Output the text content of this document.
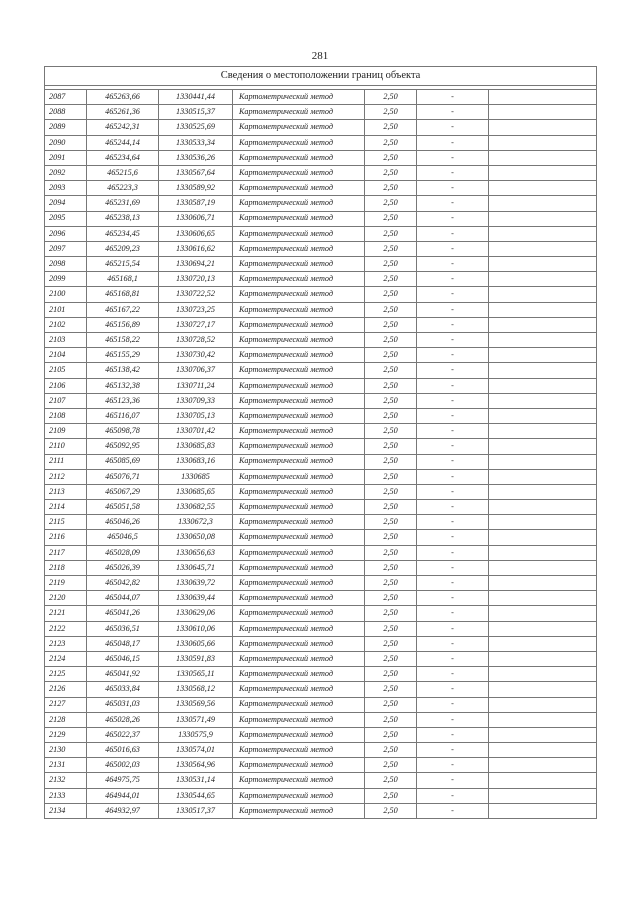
281
Сведения о местоположении границ объекта						

2087	465263,66	1330441,44	Картометрический метод	2,50	-	
2088	465261,36	1330515,37	Картометрический метод	2,50	-	
2089	465242,31	1330525,69	Картометрический метод	2,50	-	
2090	465244,14	1330533,34	Картометрический метод	2,50	-	
2091	465234,64	1330536,26	Картометрический метод	2,50	-	
2092	465215,6	1330567,64	Картометрический метод	2,50	-	
2093	465223,3	1330589,92	Картометрический метод	2,50	-	
2094	465231,69	1330587,19	Картометрический метод	2,50	-	
2095	465238,13	1330606,71	Картометрический метод	2,50	-	
2096	465234,45	1330606,65	Картометрический метод	2,50	-	
2097	465209,23	1330616,62	Картометрический метод	2,50	-	
2098	465215,54	1330694,21	Картометрический метод	2,50	-	
2099	465168,1	1330720,13	Картометрический метод	2,50	-	
2100	465168,81	1330722,52	Картометрический метод	2,50	-	
2101	465167,22	1330723,25	Картометрический метод	2,50	-	
2102	465156,89	1330727,17	Картометрический метод	2,50	-	
2103	465158,22	1330728,52	Картометрический метод	2,50	-	
2104	465155,29	1330730,42	Картометрический метод	2,50	-	
2105	465138,42	1330706,37	Картометрический метод	2,50	-	
2106	465132,38	1330711,24	Картометрический метод	2,50	-	
2107	465123,36	1330709,33	Картометрический метод	2,50	-	
2108	465116,07	1330705,13	Картометрический метод	2,50	-	
2109	465098,78	1330701,42	Картометрический метод	2,50	-	
2110	465092,95	1330685,83	Картометрический метод	2,50	-	
2111	465085,69	1330683,16	Картометрический метод	2,50	-	
2112	465076,71	1330685	Картометрический метод	2,50	-	
2113	465067,29	1330685,65	Картометрический метод	2,50	-	
2114	465051,58	1330682,55	Картометрический метод	2,50	-	
2115	465046,26	1330672,3	Картометрический метод	2,50	-	
2116	465046,5	1330650,08	Картометрический метод	2,50	-	
2117	465028,09	1330656,63	Картометрический метод	2,50	-	
2118	465026,39	1330645,71	Картометрический метод	2,50	-	
2119	465042,82	1330639,72	Картометрический метод	2,50	-	
2120	465044,07	1330639,44	Картометрический метод	2,50	-	
2121	465041,26	1330629,06	Картометрический метод	2,50	-	
2122	465036,51	1330610,06	Картометрический метод	2,50	-	
2123	465048,17	1330605,66	Картометрический метод	2,50	-	
2124	465046,15	1330591,83	Картометрический метод	2,50	-	
2125	465041,92	1330565,11	Картометрический метод	2,50	-	
2126	465033,84	1330568,12	Картометрический метод	2,50	-	
2127	465031,03	1330569,56	Картометрический метод	2,50	-	
2128	465028,26	1330571,49	Картометрический метод	2,50	-	
2129	465022,37	1330575,9	Картометрический метод	2,50	-	
2130	465016,63	1330574,01	Картометрический метод	2,50	-	
2131	465002,03	1330564,96	Картометрический метод	2,50	-	
2132	464975,75	1330531,14	Картометрический метод	2,50	-	
2133	464944,01	1330544,65	Картометрический метод	2,50	-	
2134	464932,97	1330517,37	Картометрический метод	2,50	-	
